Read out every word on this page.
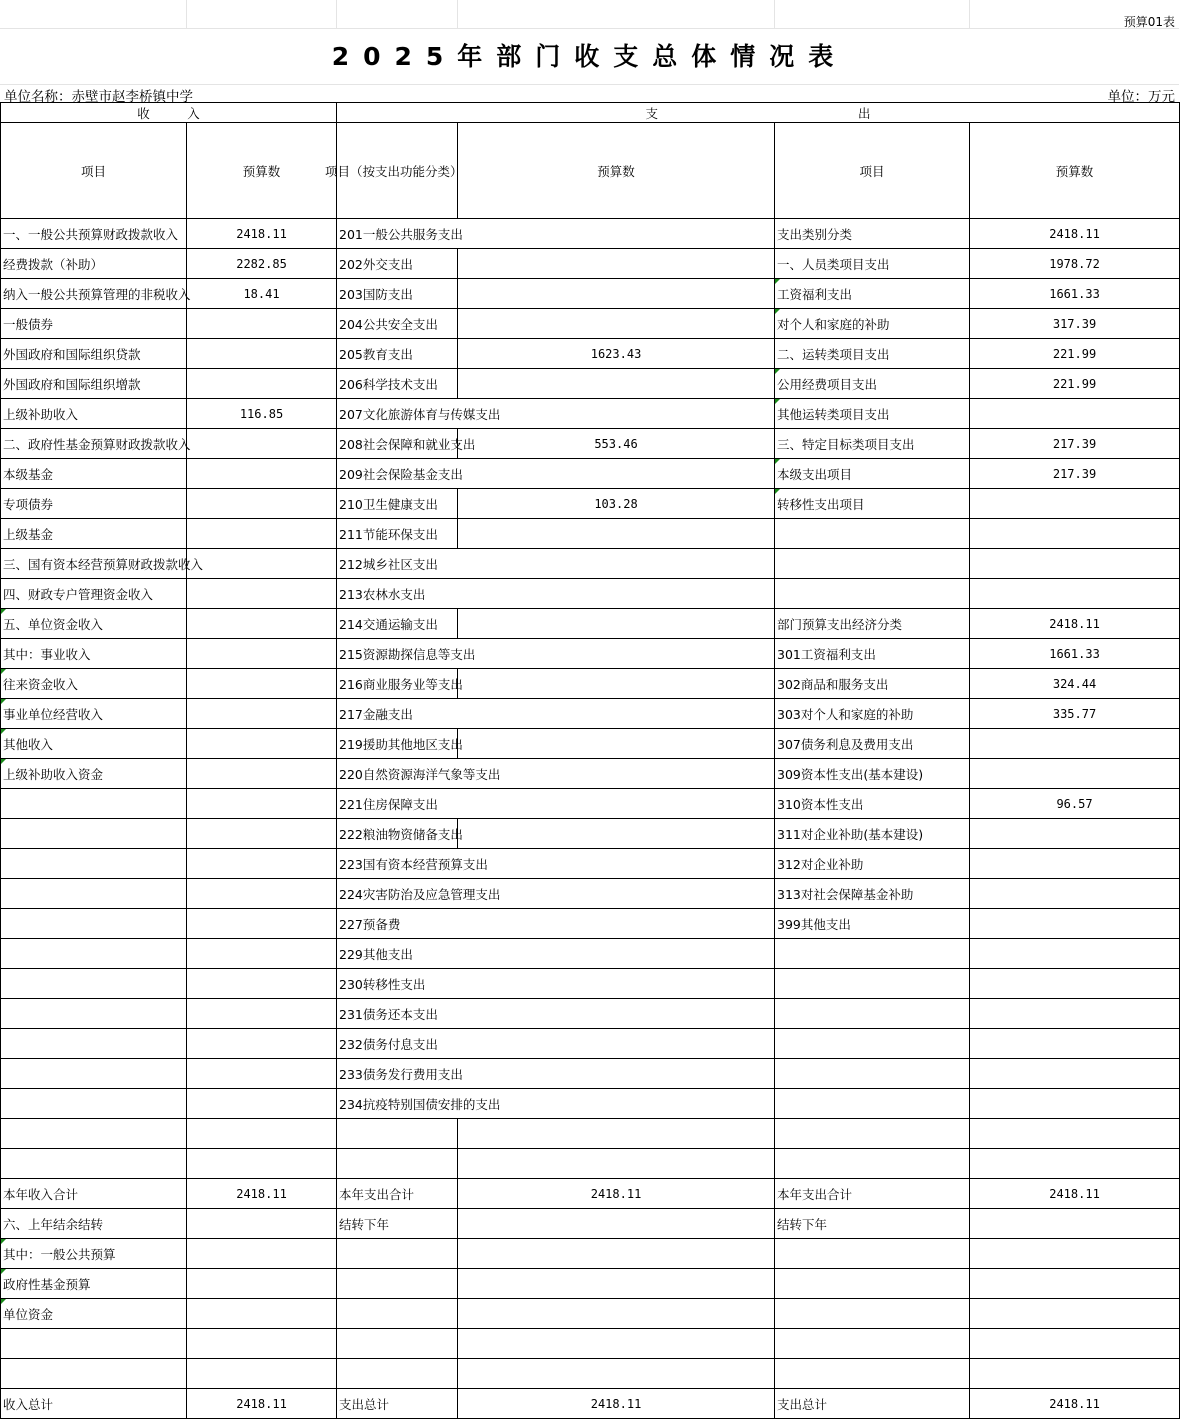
预算01表
2025年部门收支总体情况表
单位名称：赤壁市赵李桥镇中学	单位：万元
收　　　入		支　　　　　　　　　　　　　　　　出			
项目	预算数	项目（按支出功能分类）	预算数	项目	预算数
一、一般公共预算财政拨款收入	2418.11	201一般公共服务支出		支出类别分类	2418.11
经费拨款（补助）	2282.85	202外交支出		一、人员类项目支出	1978.72
纳入一般公共预算管理的非税收入	18.41	203国防支出		工资福利支出	1661.33
一般债券		204公共安全支出		对个人和家庭的补助	317.39
外国政府和国际组织贷款		205教育支出	1623.43	二、运转类项目支出	221.99
外国政府和国际组织增款		206科学技术支出		公用经费项目支出	221.99
上级补助收入	116.85	207文化旅游体育与传媒支出		其他运转类项目支出	
二、政府性基金预算财政拨款收入		208社会保障和就业支出	553.46	三、特定目标类项目支出	217.39
本级基金		209社会保险基金支出		本级支出项目	217.39
专项债券		210卫生健康支出	103.28	转移性支出项目	
上级基金		211节能环保支出			
三、国有资本经营预算财政拨款收入		212城乡社区支出			
四、财政专户管理资金收入		213农林水支出			
五、单位资金收入		214交通运输支出		部门预算支出经济分类	2418.11
其中：事业收入		215资源勘探信息等支出		301工资福利支出	1661.33
往来资金收入		216商业服务业等支出		302商品和服务支出	324.44
事业单位经营收入		217金融支出		303对个人和家庭的补助	335.77
其他收入		219援助其他地区支出		307债务利息及费用支出	
上级补助收入资金		220自然资源海洋气象等支出		309资本性支出(基本建设)	
		221住房保障支出		310资本性支出	96.57
		222粮油物资储备支出		311对企业补助(基本建设)	
		223国有资本经营预算支出		312对企业补助	
		224灾害防治及应急管理支出		313对社会保障基金补助	
		227预备费		399其他支出	
		229其他支出			
		230转移性支出			
		231债务还本支出			
		232债务付息支出			
		233债务发行费用支出			
		234抗疫特别国债安排的支出			

本年收入合计	2418.11	本年支出合计	2418.11	本年支出合计	2418.11
六、上年结余结转		结转下年		结转下年	
其中：一般公共预算					
政府性基金预算					
单位资金					

收入总计	2418.11	支出总计	2418.11	支出总计	2418.11
